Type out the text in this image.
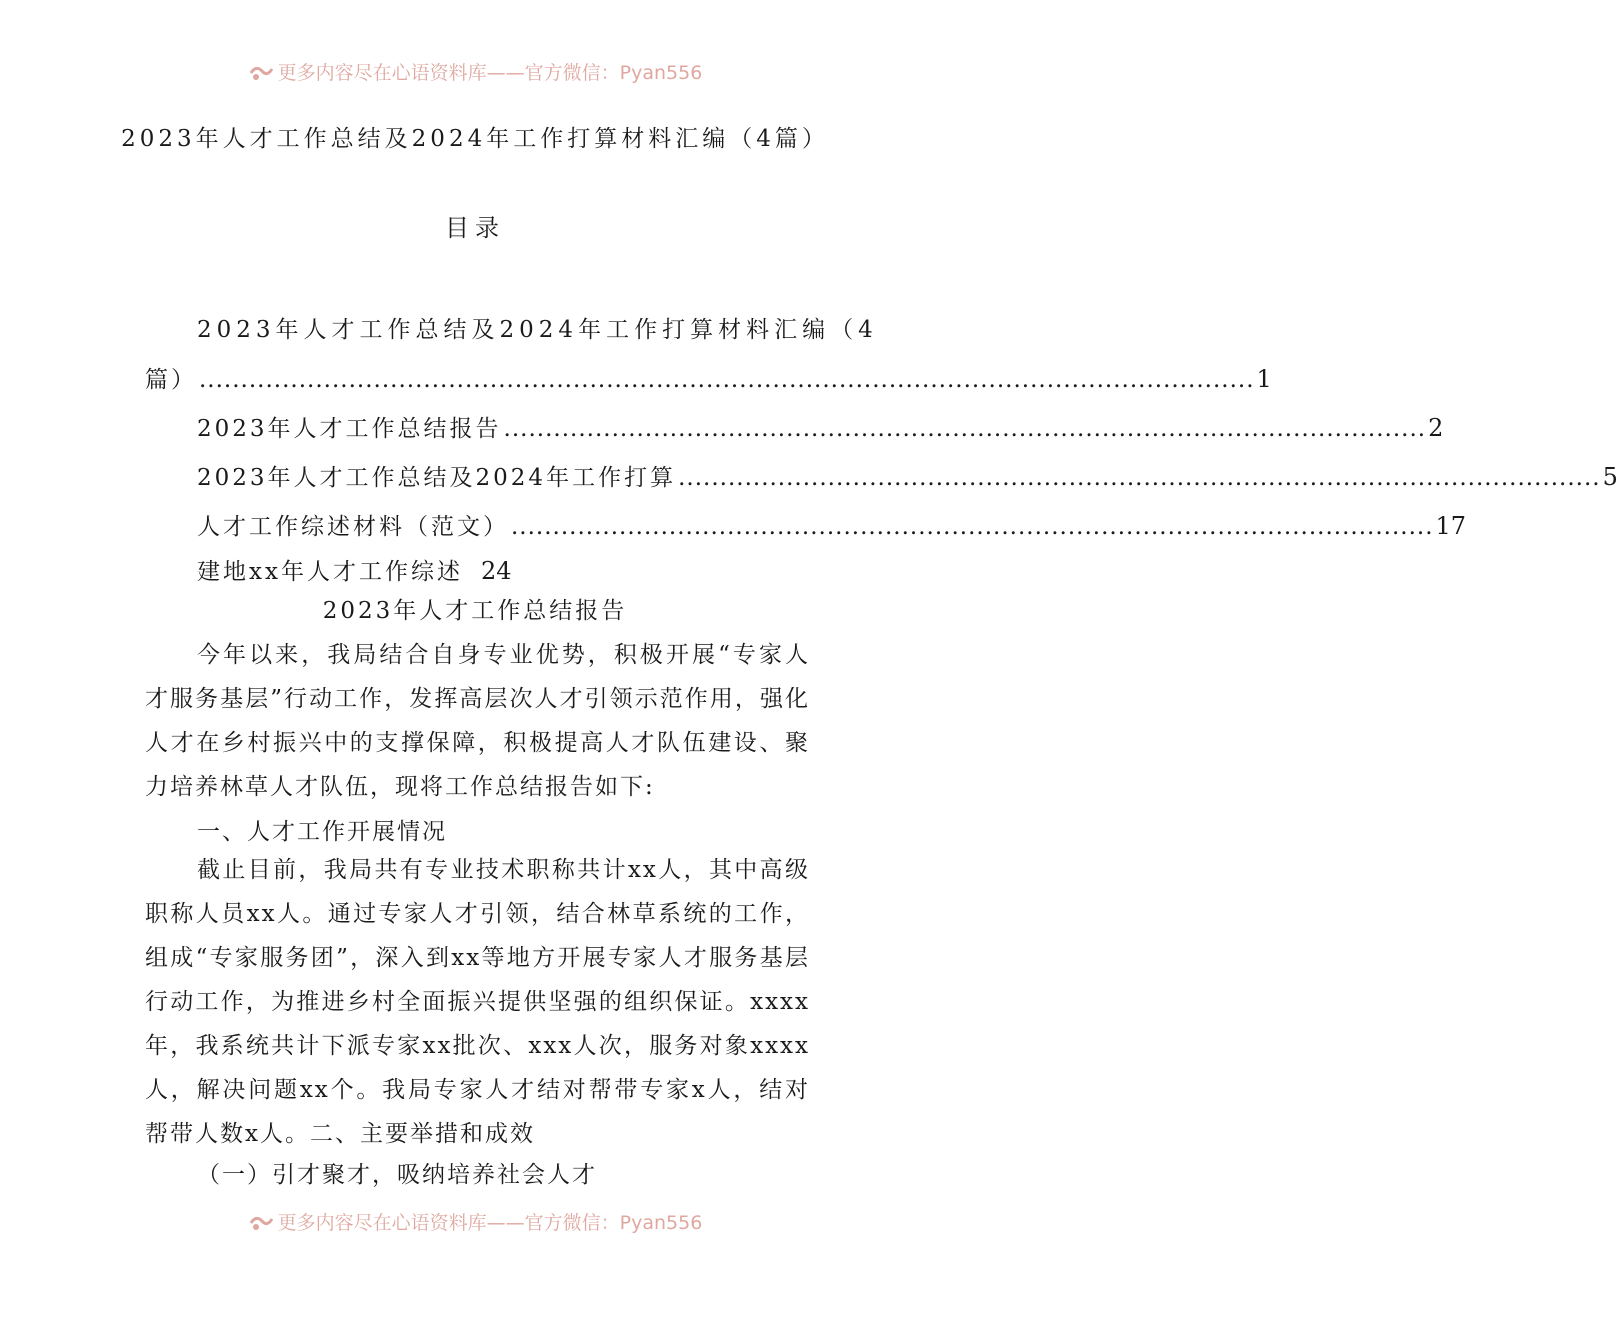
更多内容尽在心语资料库——官方微信：Pyan556
2023年人才工作总结及2024年工作打算材料汇编（4篇）
目录
2023年人才工作总结及2024年工作打算材料汇编（4
篇） ............................................................................................................................... 1
2023年人才工作总结报告 ............................................................................................................... 2
2023年人才工作总结及2024年工作打算 ............................................................................................................... 5
人才工作综述材料（范文） ............................................................................................................... 17
建地xx年人才工作综述 24
2023年人才工作总结报告

今年以来，我局结合自身专业优势，积极开展“专家人才服务基层”行动工作，发挥高层次人才引领示范作用，强化人才在乡村振兴中的支撑保障，积极提高人才队伍建设、聚力培养林草人才队伍，现将工作总结报告如下:

一、人才工作开展情况

截止目前，我局共有专业技术职称共计xx人，其中高级职称人员xx人。通过专家人才引领，结合林草系统的工作，组成“专家服务团”，深入到xx等地方开展专家人才服务基层行动工作，为推进乡村全面振兴提供坚强的组织保证。xxxx年，我系统共计下派专家xx批次、xxx人次，服务对象xxxx人，解决问题xx个。我局专家人才结对帮带专家x人，结对帮带人数x人。二、主要举措和成效

（一）引才聚才，吸纳培养社会人才

更多内容尽在心语资料库——官方微信：Pyan556
